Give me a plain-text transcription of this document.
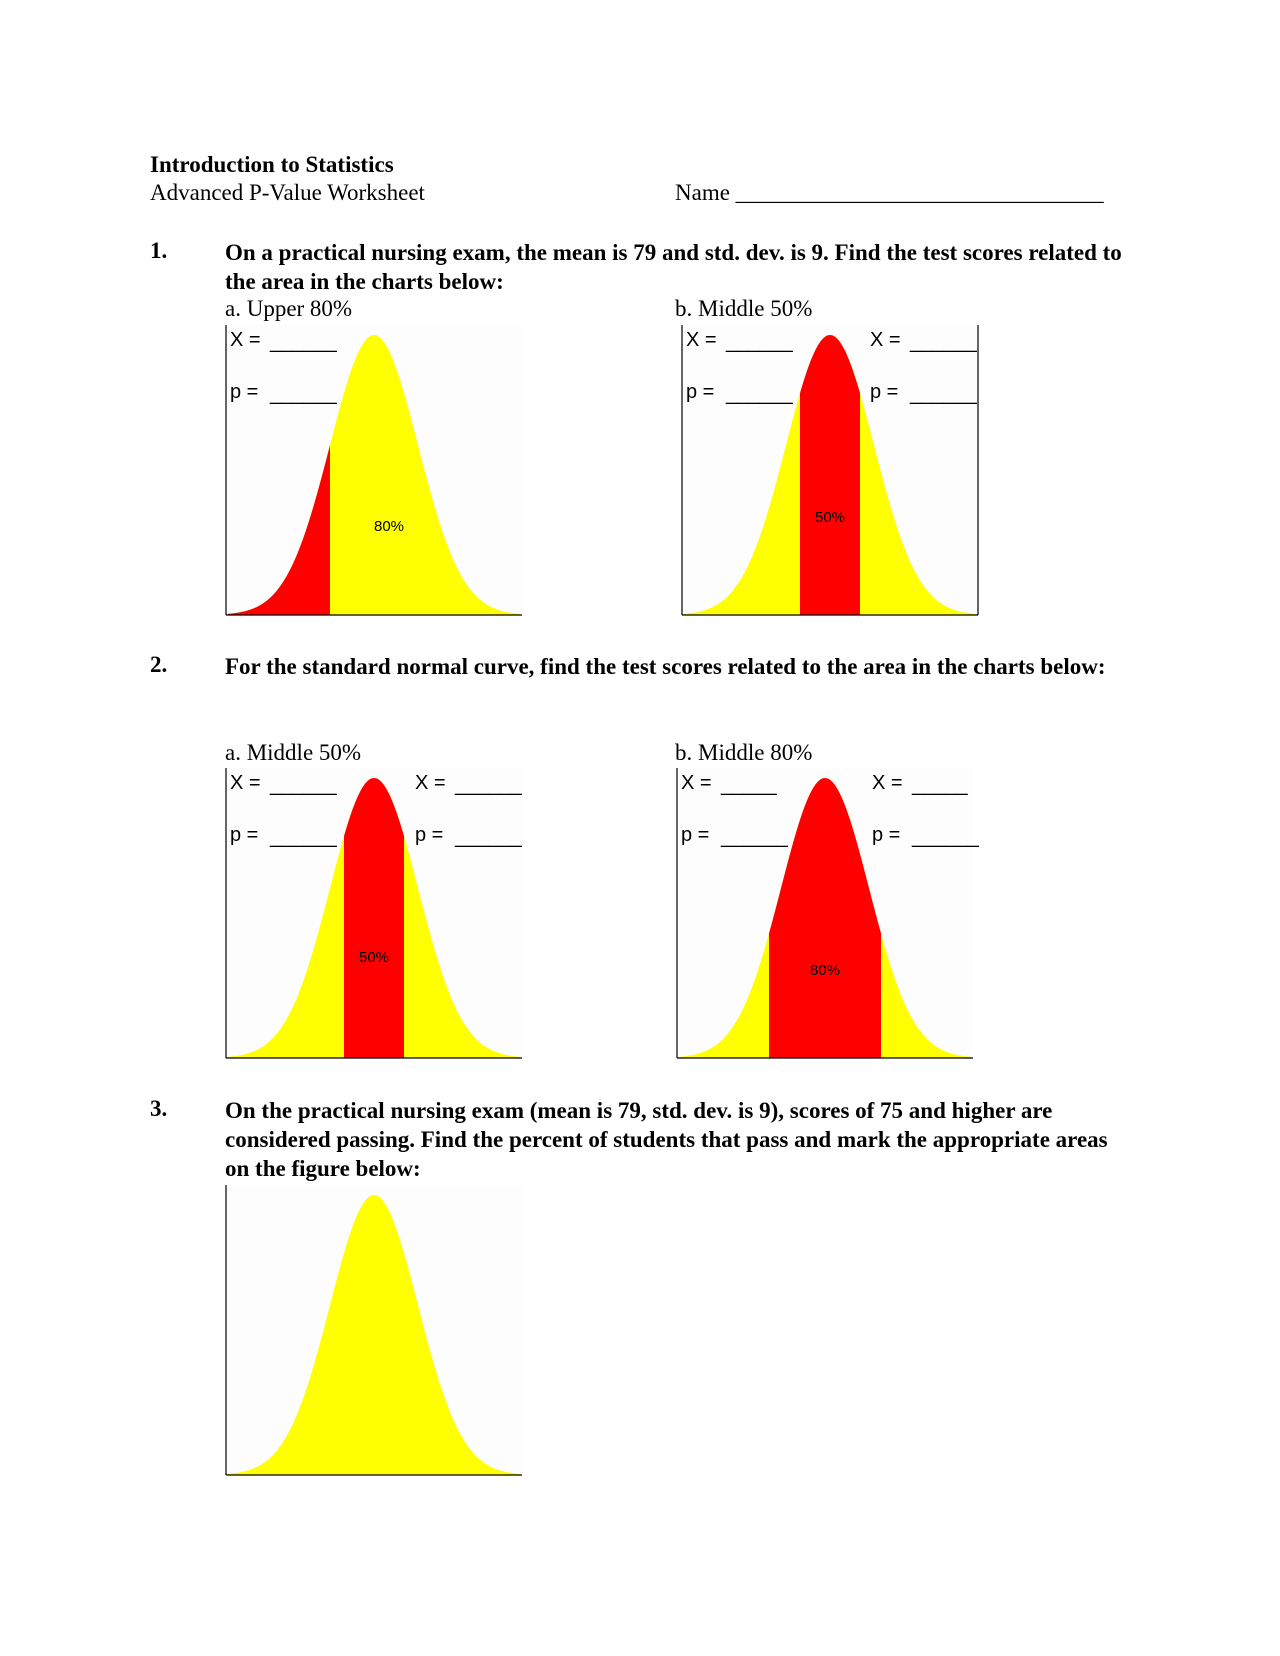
Introduction to Statistics
Advanced P-Value Worksheet	Name ________________________________
1.	On a practical nursing exam, the mean is 79 and std. dev. is 9. Find the test scores related to the area in the charts below:
a. Upper 80%	b. Middle 50%
80%
X = ______
p = ______
50%
X = ______
p = ______
X = ______
p = ______
2.	For the standard normal curve, find the test scores related to the area in the charts below:
a. Middle 50%	b. Middle 80%
50%
X = ______
p = ______
X = ______
p = ______
80%
X = _____
p = ______
X = _____
p = ______
3.	On the practical nursing exam (mean is 79, std. dev. is 9), scores of 75 and higher are considered passing. Find the percent of students that pass and mark the appropriate areas on the figure below:
